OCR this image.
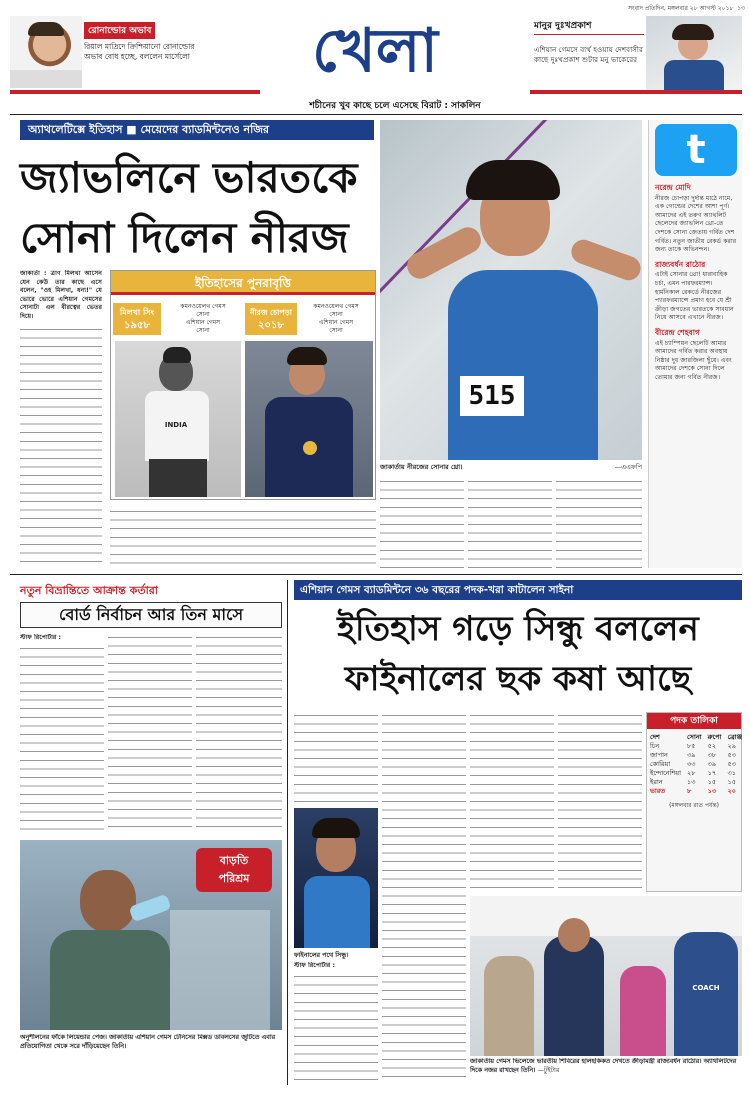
সংবাদ প্রতিদিন, মঙ্গলবার ২৮ আগস্ট ২০১৮ ১৩
রোনাল্ডোর অভাব
রিয়াল মাদ্রিদে ক্রিশ্চিয়ানো রোনাল্ডোর অভাব বোধ হচ্ছে, বললেন মার্সেলো	খেলা	মানুর দুঃখপ্রকাশ
এশিয়ান গেমসে ব্যর্থ হওয়ায় দেশবাসীর কাছে দুঃখপ্রকাশ শুটার মনু ভাকেরের
শচীনের খুব কাছে চলে এসেছে বিরাট : সাকলিন
অ্যাথলেটিক্সে ইতিহাস ■ মেয়েদের ব্যাডমিন্টনেও নজির
জ্যাভলিনে ভারতকে
সোনা দিলেন নীরজ
জাকার্তা : ত্রাণ মিলখা আসেন যেন কেউ তার কাছে এসে বলেন, "ওহ মিলখা, ধন্য!" যে ভোরে ভোরে এশিয়ান গেমসের সোনাটা এল বীরত্বের ভেতর দিয়ে।
ইতিহাসের পুনরাবৃত্তি
মিলখা সিং
১৯৫৮
কমনওয়েলথ গেমস
সোনা
এশিয়ান গেমস
সোনা
নীরজ চোপড়া
২০১৮
কমনওয়েলথ গেমস
সোনা
এশিয়ান গেমস
সোনা
INDIA
515
জাকার্তায় নীরজের সোনার থ্রো।	—এএফপি
t
নরেন্দ্র মোদি
নীরজ চোপড়া দুর্দান্ত মাঠে নামে, এক গোল্ডের দেশের আশা পূর্ণ। আমাদের এই তরুণ অ্যাথলিট ছেলেদের জ্যাভলিন থ্রো-তে দেশকে সোনা জেতায় গর্বিত দেশ গর্বিত। নতুন জাতীয় রেকর্ড করার জন্য তাকে অভিনন্দন।
রাজ্যবর্ধন রাঠোর
এটাই সোনার থ্রো! ধারাবাহিক চর্চা, এমন পারফরম্যান্স। হার্মনিকাল রেকর্ডে নীরজের প্যারফরম্যান্সে প্রমাণ হবে যে শ্রী ক্রীড়া জগতের ভারতকে সাবধান নিয়ে আসবে এখানে নীরজ।
বীরেন্দ্র শেহবাগ
এই চ্যাম্পিয়ন ছেলেটি আমার আমাদের গর্বিত করার অবস্থায় নিষ্ঠার দুধ জারজিলা ছুঁয়ে। এবং আমাদের দেশকে সোনা দিলে তোমার জন্য গর্বিত নীরজ।
নতুন বিভ্রান্তিতে আক্রান্ত কর্তারা
বোর্ড নির্বাচন আর তিন মাসে
স্টাফ রিপোর্টার :
বাড়তি
পরিশ্রম
অনুশীলনের ফাঁকে লিয়েন্ডার পেজ। জাকার্তায় এশিয়ান গেমস টেনিসের মিক্সড ডাবলসের জুটিতে এবার প্রতিযোগিতা থেকে সরে দাঁড়িয়েছেন তিনি।
এশিয়ান গেমস ব্যাডমিন্টনে ৩৬ বছরের পদক-খরা কাটালেন সাইনা
ইতিহাস গড়ে সিন্ধু বললেন
ফাইনালের ছক কষা আছে
ফাইনালের পথে সিন্ধু।
স্টাফ রিপোর্টার :
পদক তালিকা
দেশ	সোনা	রুপো	ব্রোঞ্জ
চিন	৮৫	৫২	২৯
জাপান	৩৯	৩৮	৫৩
কোরিয়া	৩৩	৩৯	৫৩
ইন্দোনেশিয়া	২৮	১৭	৩১
ইরান	১৩	১৫	১৫
ভারত	৮	১৩	২০
(মঙ্গলবার রাত পর্যন্ত)
COACH
জাকার্তায় গেমস ভিলেজে ভারতীয় শিবিরের হালহকিকত দেখতে ক্রীড়ামন্ত্রী রাজ্যবর্ধন রাঠোর। অ্যাথলিটদের দিকে নজর রাখছেন তিনি। —টুইটার
